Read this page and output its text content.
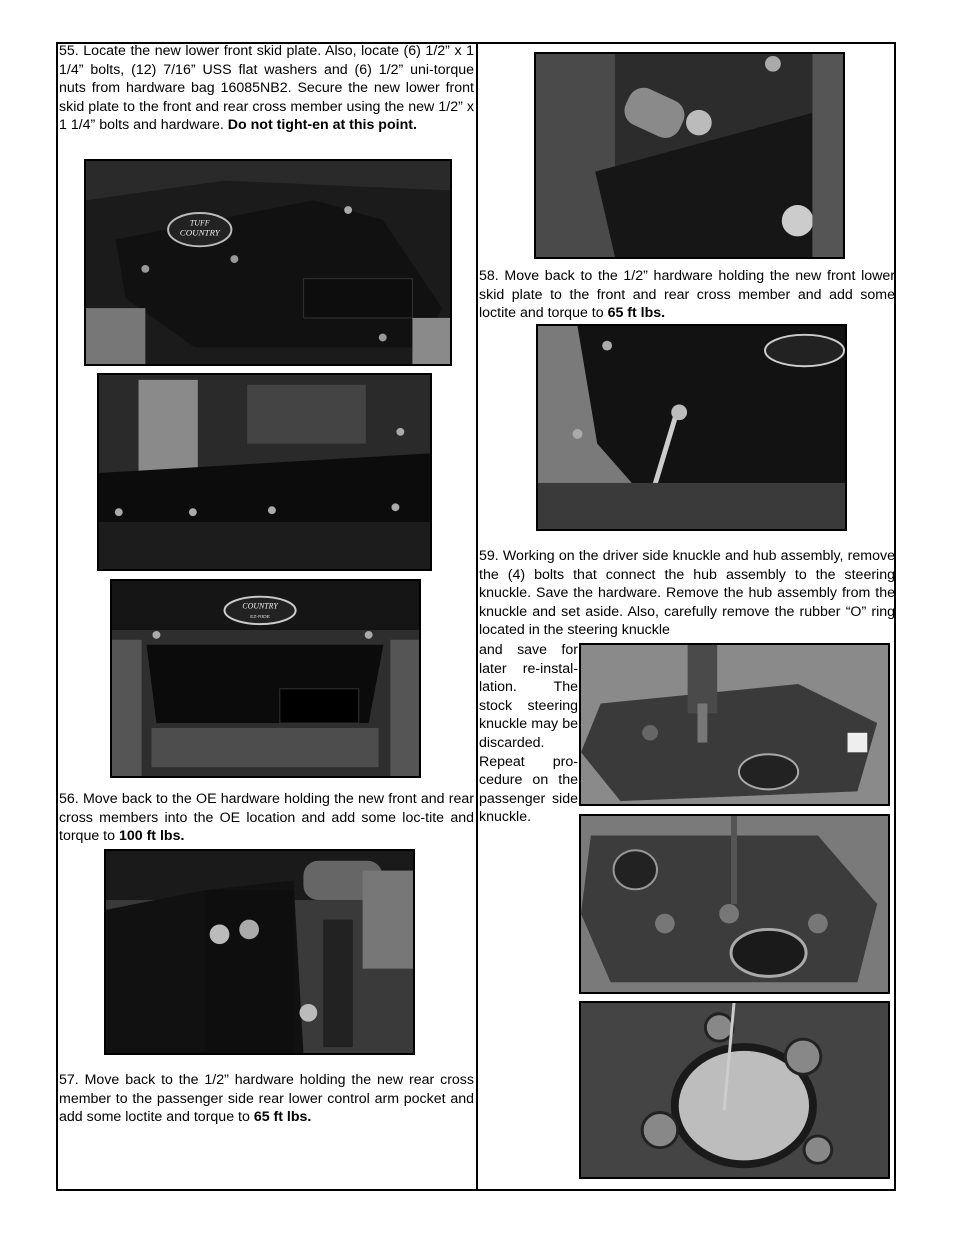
55. Locate the new lower front skid plate. Also, locate (6) 1/2” x 1 1/4” bolts, (12) 7/16” USS flat washers and (6) 1/2” uni-torque nuts from hardware bag 16085NB2. Secure the new lower front skid plate to the front and rear cross member using the new 1/2” x 1 1/4” bolts and hardware. Do not tight-en at this point.
TUFF
COUNTRY
COUNTRY
EZ-RIDE
56. Move back to the OE hardware holding the new front and rear cross members into the OE location and add some loc-tite and torque to 100 ft lbs.
57. Move back to the 1/2” hardware holding the new rear cross member to the passenger side rear lower control arm pocket and add some loctite and torque to 65 ft lbs.
58. Move back to the 1/2” hardware holding the new front lower skid plate to the front and rear cross member and add some loctite and torque to 65 ft lbs.
59. Working on the driver side knuckle and hub assembly, remove the (4) bolts that connect the hub assembly to the steering knuckle. Save the hardware. Remove the hub assembly from the knuckle and set aside. Also, carefully remove the rubber “O” ring located in the steering knuckle
and save for later re-instal-lation. The stock steering knuckle may be discarded. Repeat pro-cedure on the passenger side knuckle.
